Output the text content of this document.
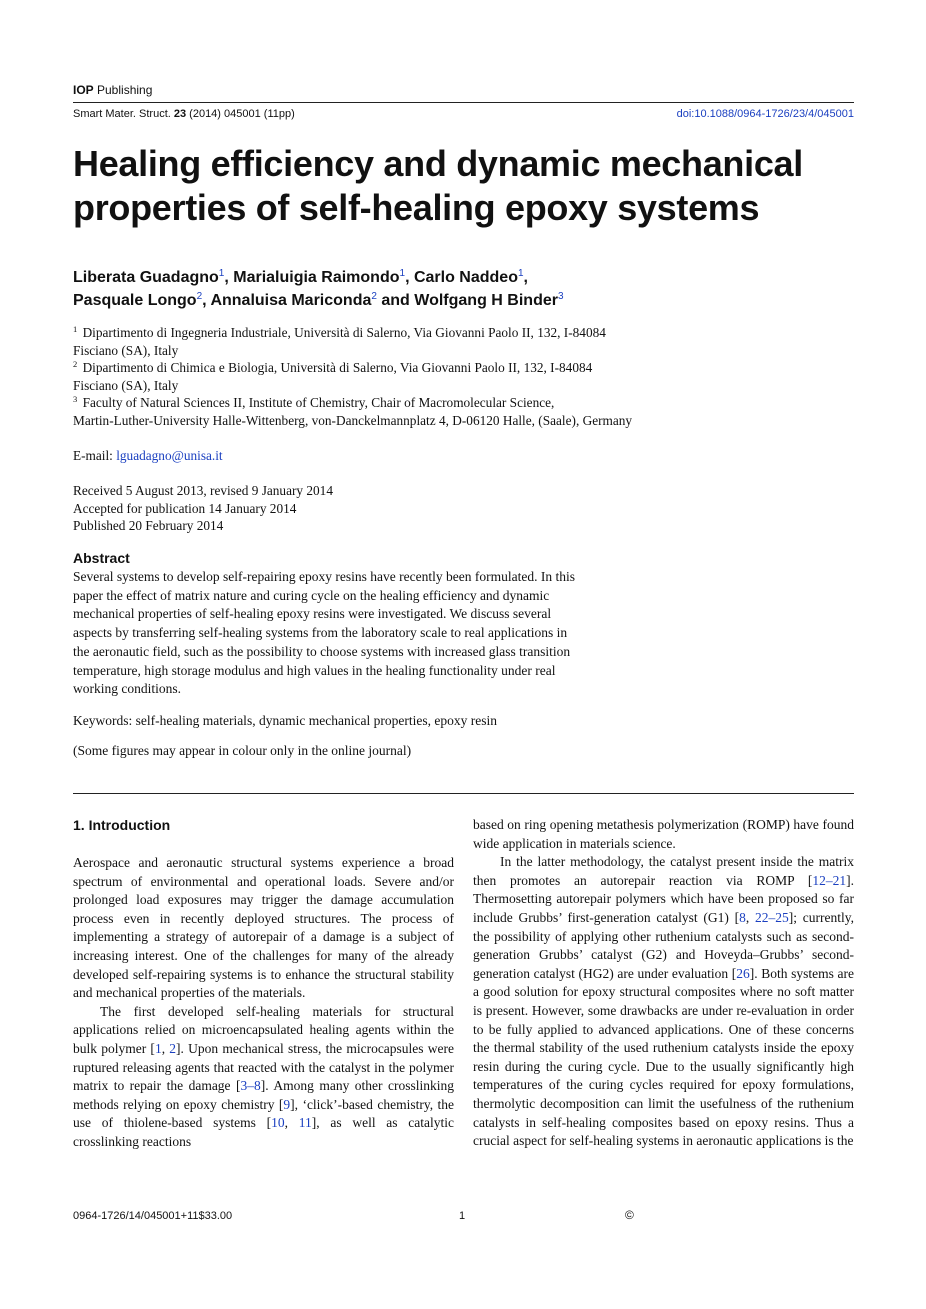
IOP Publishing
Smart Mater. Struct. 23 (2014) 045001 (11pp)	doi:10.1088/0964-1726/23/4/045001
Healing efficiency and dynamic mechanical properties of self-healing epoxy systems
Liberata Guadagno$^1$, Marialuigia Raimondo$^1$, Carlo Naddeo$^1$,
Pasquale Longo$^2$, Annaluisa Mariconda$^2$ and Wolfgang H Binder$^3$
$^1$ Dipartimento di Ingegneria Industriale, Università di Salerno, Via Giovanni Paolo II, 132, I-84084
Fisciano (SA), Italy
$^2$ Dipartimento di Chimica e Biologia, Università di Salerno, Via Giovanni Paolo II, 132, I-84084
Fisciano (SA), Italy
$^3$ Faculty of Natural Sciences II, Institute of Chemistry, Chair of Macromolecular Science,
Martin-Luther-University Halle-Wittenberg, von-Danckelmannplatz 4, D-06120 Halle, (Saale), Germany
E-mail: lguadagno@unisa.it
Received 5 August 2013, revised 9 January 2014
Accepted for publication 14 January 2014
Published 20 February 2014
Abstract
Several systems to develop self-repairing epoxy resins have recently been formulated. In this
paper the effect of matrix nature and curing cycle on the healing efficiency and dynamic
mechanical properties of self-healing epoxy resins were investigated. We discuss several
aspects by transferring self-healing systems from the laboratory scale to real applications in
the aeronautic field, such as the possibility to choose systems with increased glass transition
temperature, high storage modulus and high values in the healing functionality under real
working conditions.
Keywords: self-healing materials, dynamic mechanical properties, epoxy resin
(Some figures may appear in colour only in the online journal)
1. Introduction

Aerospace and aeronautic structural systems experience a broad spectrum of environmental and operational loads. Severe and/or prolonged load exposures may trigger the damage accumulation process even in recently deployed structures. The process of implementing a strategy of autorepair of a damage is a subject of increasing interest. One of the challenges for many of the already developed self-repairing systems is to enhance the structural stability and mechanical properties of the materials.

The first developed self-healing materials for structural applications relied on microencapsulated healing agents within the bulk polymer [1, 2]. Upon mechanical stress, the microcapsules were ruptured releasing agents that reacted with the catalyst in the polymer matrix to repair the damage [3–8]. Among many other crosslinking methods relying on epoxy chemistry [9], ‘click’-based chemistry, the use of thiolene-based systems [10, 11], as well as catalytic crosslinking reactions

based on ring opening metathesis polymerization (ROMP) have found wide application in materials science.

In the latter methodology, the catalyst present inside the matrix then promotes an autorepair reaction via ROMP [12–21]. Thermosetting autorepair polymers which have been proposed so far include Grubbs’ first-generation catalyst (G1) [8, 22–25]; currently, the possibility of applying other ruthenium catalysts such as second-generation Grubbs’ catalyst (G2) and Hoveyda–Grubbs’ second-generation catalyst (HG2) are under evaluation [26]. Both systems are a good solution for epoxy structural composites where no soft matter is present. However, some drawbacks are under re-evaluation in order to be fully applied to advanced applications. One of these concerns the thermal stability of the used ruthenium catalysts inside the epoxy resin during the curing cycle. Due to the usually significantly high temperatures of the curing cycles required for epoxy formulations, thermolytic decomposition can limit the usefulness of the ruthenium catalysts in self-healing composites based on epoxy resins. Thus a crucial aspect for self-healing systems in aeronautic applications is the

0964-1726/14/045001+11$33.00	1	©
